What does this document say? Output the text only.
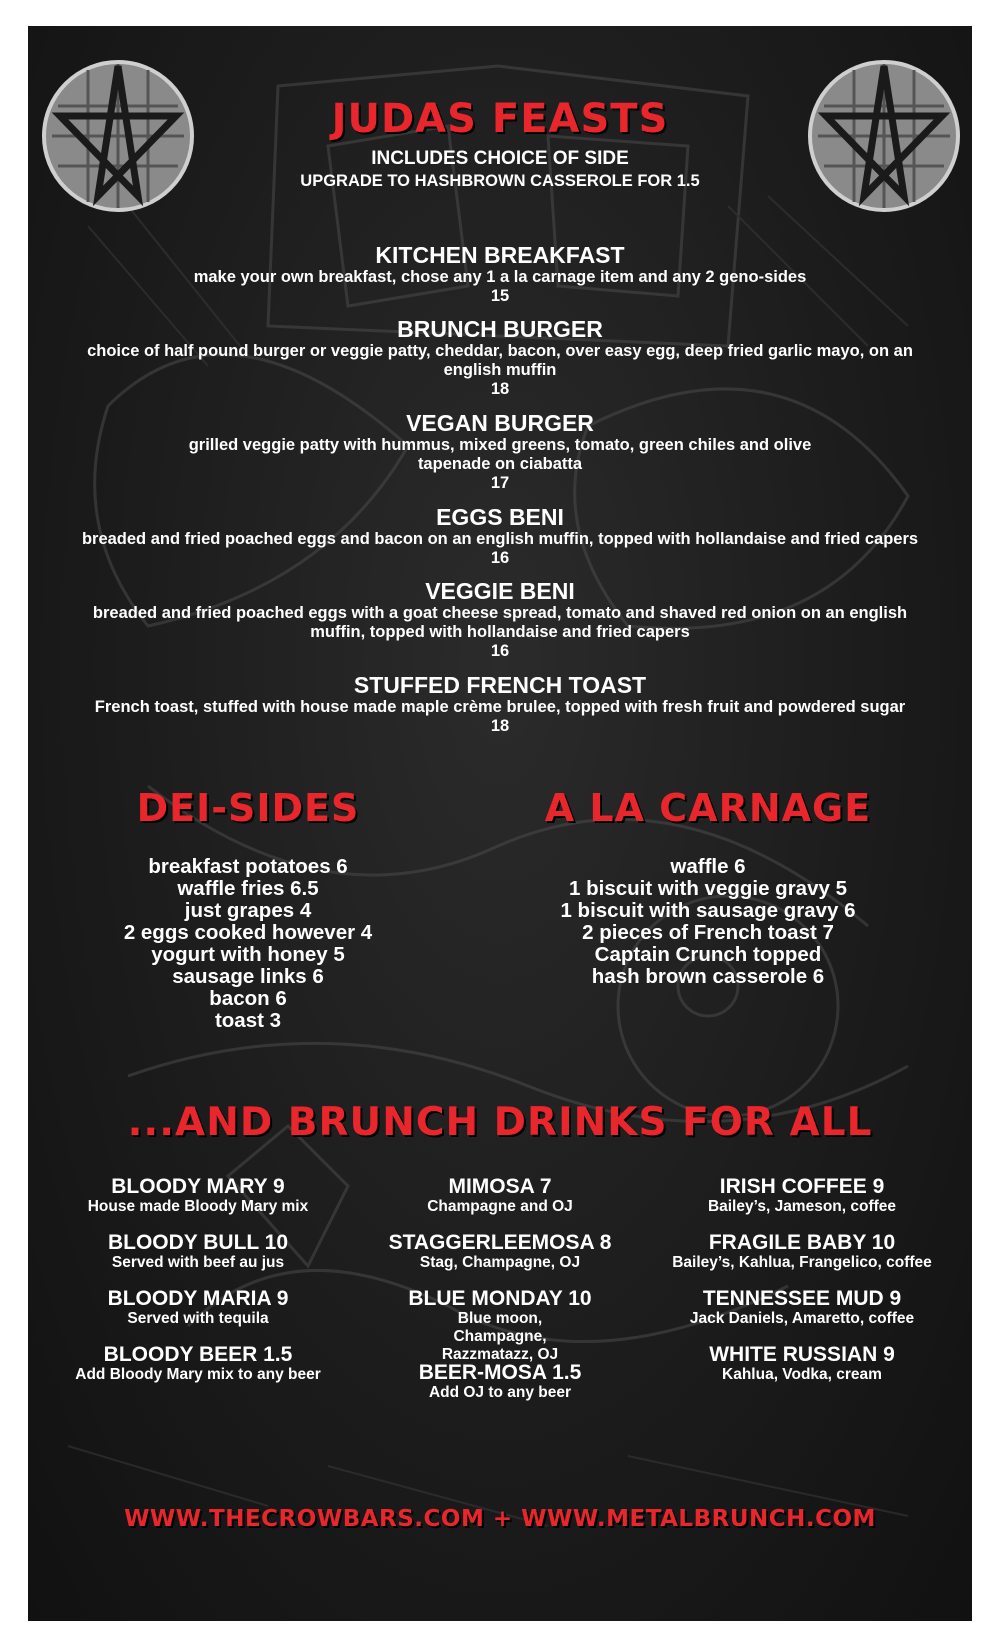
JUDAS FEASTS
INCLUDES CHOICE OF SIDE
UPGRADE TO HASHBROWN CASSEROLE FOR 1.5
KITCHEN BREAKFAST
make your own breakfast, chose any 1 a la carnage item and any 2 geno-sides
15
BRUNCH BURGER
choice of half pound burger or veggie patty, cheddar, bacon, over easy egg, deep fried garlic mayo, on an english muffin
18
VEGAN BURGER
grilled veggie patty with hummus, mixed greens, tomato, green chiles and olive tapenade on ciabatta
17
EGGS BENI
breaded and fried poached eggs and bacon on an english muffin, topped with hollandaise and fried capers
16
VEGGIE BENI
breaded and fried poached eggs with a goat cheese spread, tomato and shaved red onion on an english muffin, topped with hollandaise and fried capers
16
STUFFED FRENCH TOAST
French toast, stuffed with house made maple crème brulee, topped with fresh fruit and powdered sugar
18
DEI-SIDES	A LA CARNAGE
breakfast potatoes 6
waffle fries 6.5
just grapes 4
2 eggs cooked however 4
yogurt with honey 5
sausage links 6
bacon 6
toast 3
waffle 6
1 biscuit with veggie gravy 5
1 biscuit with sausage gravy 6
2 pieces of French toast 7
Captain Crunch topped
hash brown casserole 6
...AND BRUNCH DRINKS FOR ALL
BLOODY MARY 9
House made Bloody Mary mix
BLOODY BULL 10
Served with beef au jus
BLOODY MARIA 9
Served with tequila
BLOODY BEER 1.5
Add Bloody Mary mix to any beer
MIMOSA 7
Champagne and OJ
STAGGERLEEMOSA 8
Stag, Champagne, OJ
BLUE MONDAY 10
Blue moon, Champagne, Razzmatazz, OJ
BEER-MOSA 1.5
Add OJ to any beer
IRISH COFFEE 9
Bailey’s, Jameson, coffee
FRAGILE BABY 10
Bailey’s, Kahlua, Frangelico, coffee
TENNESSEE MUD 9
Jack Daniels, Amaretto, coffee
WHITE RUSSIAN 9
Kahlua, Vodka, cream
WWW.THECROWBARS.COM + WWW.METALBRUNCH.COM
